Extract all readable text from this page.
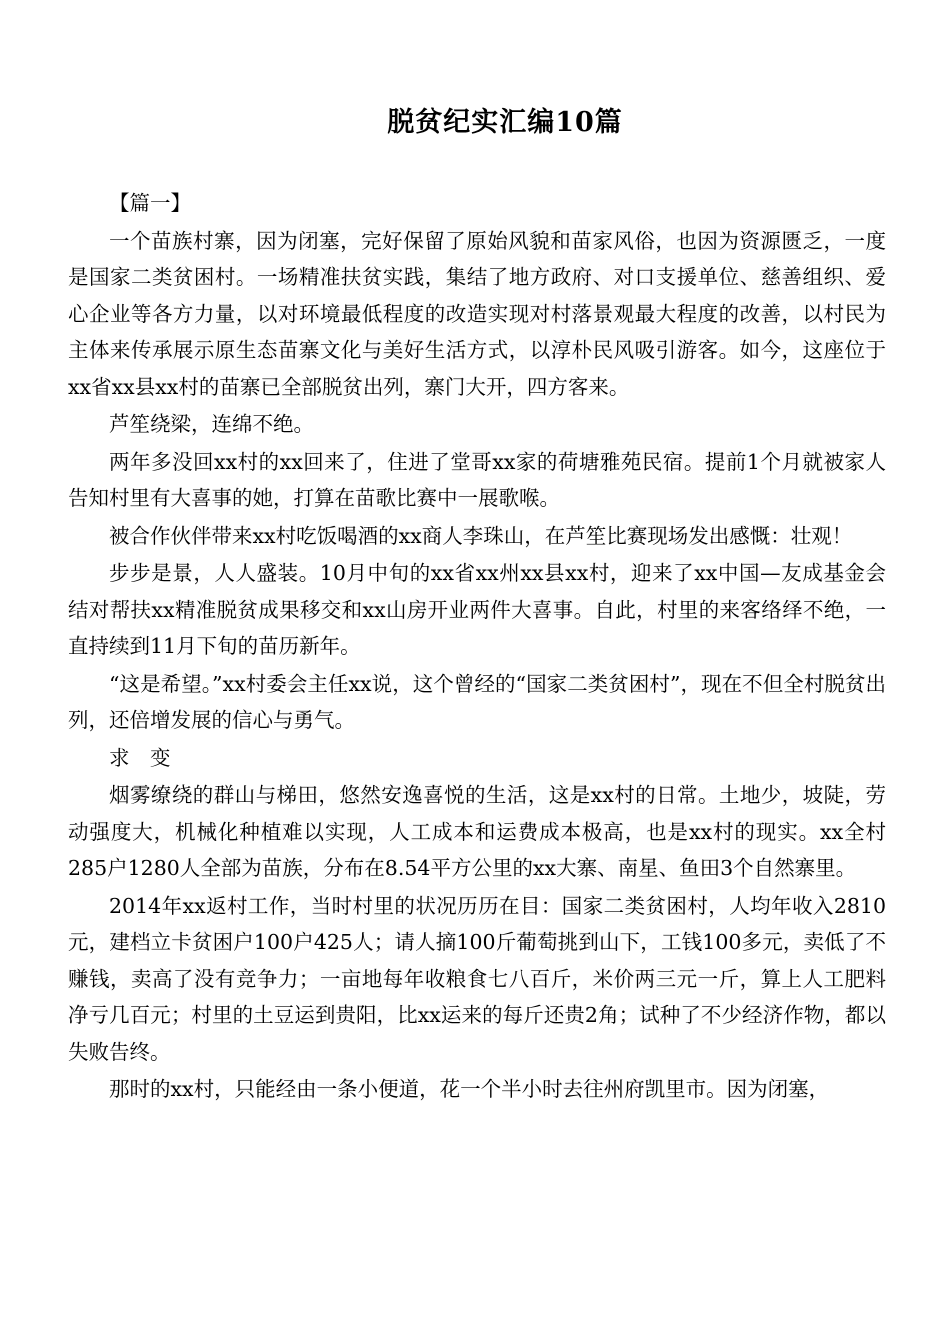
脱贫纪实汇编10篇

【篇一】

一个苗族村寨，因为闭塞，完好保留了原始风貌和苗家风俗，也因为资源匮乏，一度是国家二类贫困村。一场精准扶贫实践，集结了地方政府、对口支援单位、慈善组织、爱心企业等各方力量，以对环境最低程度的改造实现对村落景观最大程度的改善，以村民为主体来传承展示原生态苗寨文化与美好生活方式，以淳朴民风吸引游客。如今，这座位于xx省xx县xx村的苗寨已全部脱贫出列，寨门大开，四方客来。

芦笙绕梁，连绵不绝。

两年多没回xx村的xx回来了，住进了堂哥xx家的荷塘雅苑民宿。提前1个月就被家人告知村里有大喜事的她，打算在苗歌比赛中一展歌喉。

被合作伙伴带来xx村吃饭喝酒的xx商人李珠山，在芦笙比赛现场发出感慨：壮观！

步步是景，人人盛装。10月中旬的xx省xx州xx县xx村，迎来了xx中国—友成基金会结对帮扶xx精准脱贫成果移交和xx山房开业两件大喜事。自此，村里的来客络绎不绝，一直持续到11月下旬的苗历新年。

“这是希望。”xx村委会主任xx说，这个曾经的“国家二类贫困村”，现在不但全村脱贫出列，还倍增发展的信心与勇气。

求　变

烟雾缭绕的群山与梯田，悠然安逸喜悦的生活，这是xx村的日常。土地少，坡陡，劳动强度大，机械化种植难以实现，人工成本和运费成本极高，也是xx村的现实。xx全村285户1280人全部为苗族，分布在8.54平方公里的xx大寨、南星、鱼田3个自然寨里。

2014年xx返村工作，当时村里的状况历历在目：国家二类贫困村，人均年收入2810元，建档立卡贫困户100户425人；请人摘100斤葡萄挑到山下，工钱100多元，卖低了不赚钱，卖高了没有竞争力；一亩地每年收粮食七八百斤，米价两三元一斤，算上人工肥料净亏几百元；村里的土豆运到贵阳，比xx运来的每斤还贵2角；试种了不少经济作物，都以失败告终。

那时的xx村，只能经由一条小便道，花一个半小时去往州府凯里市。因为闭塞，
